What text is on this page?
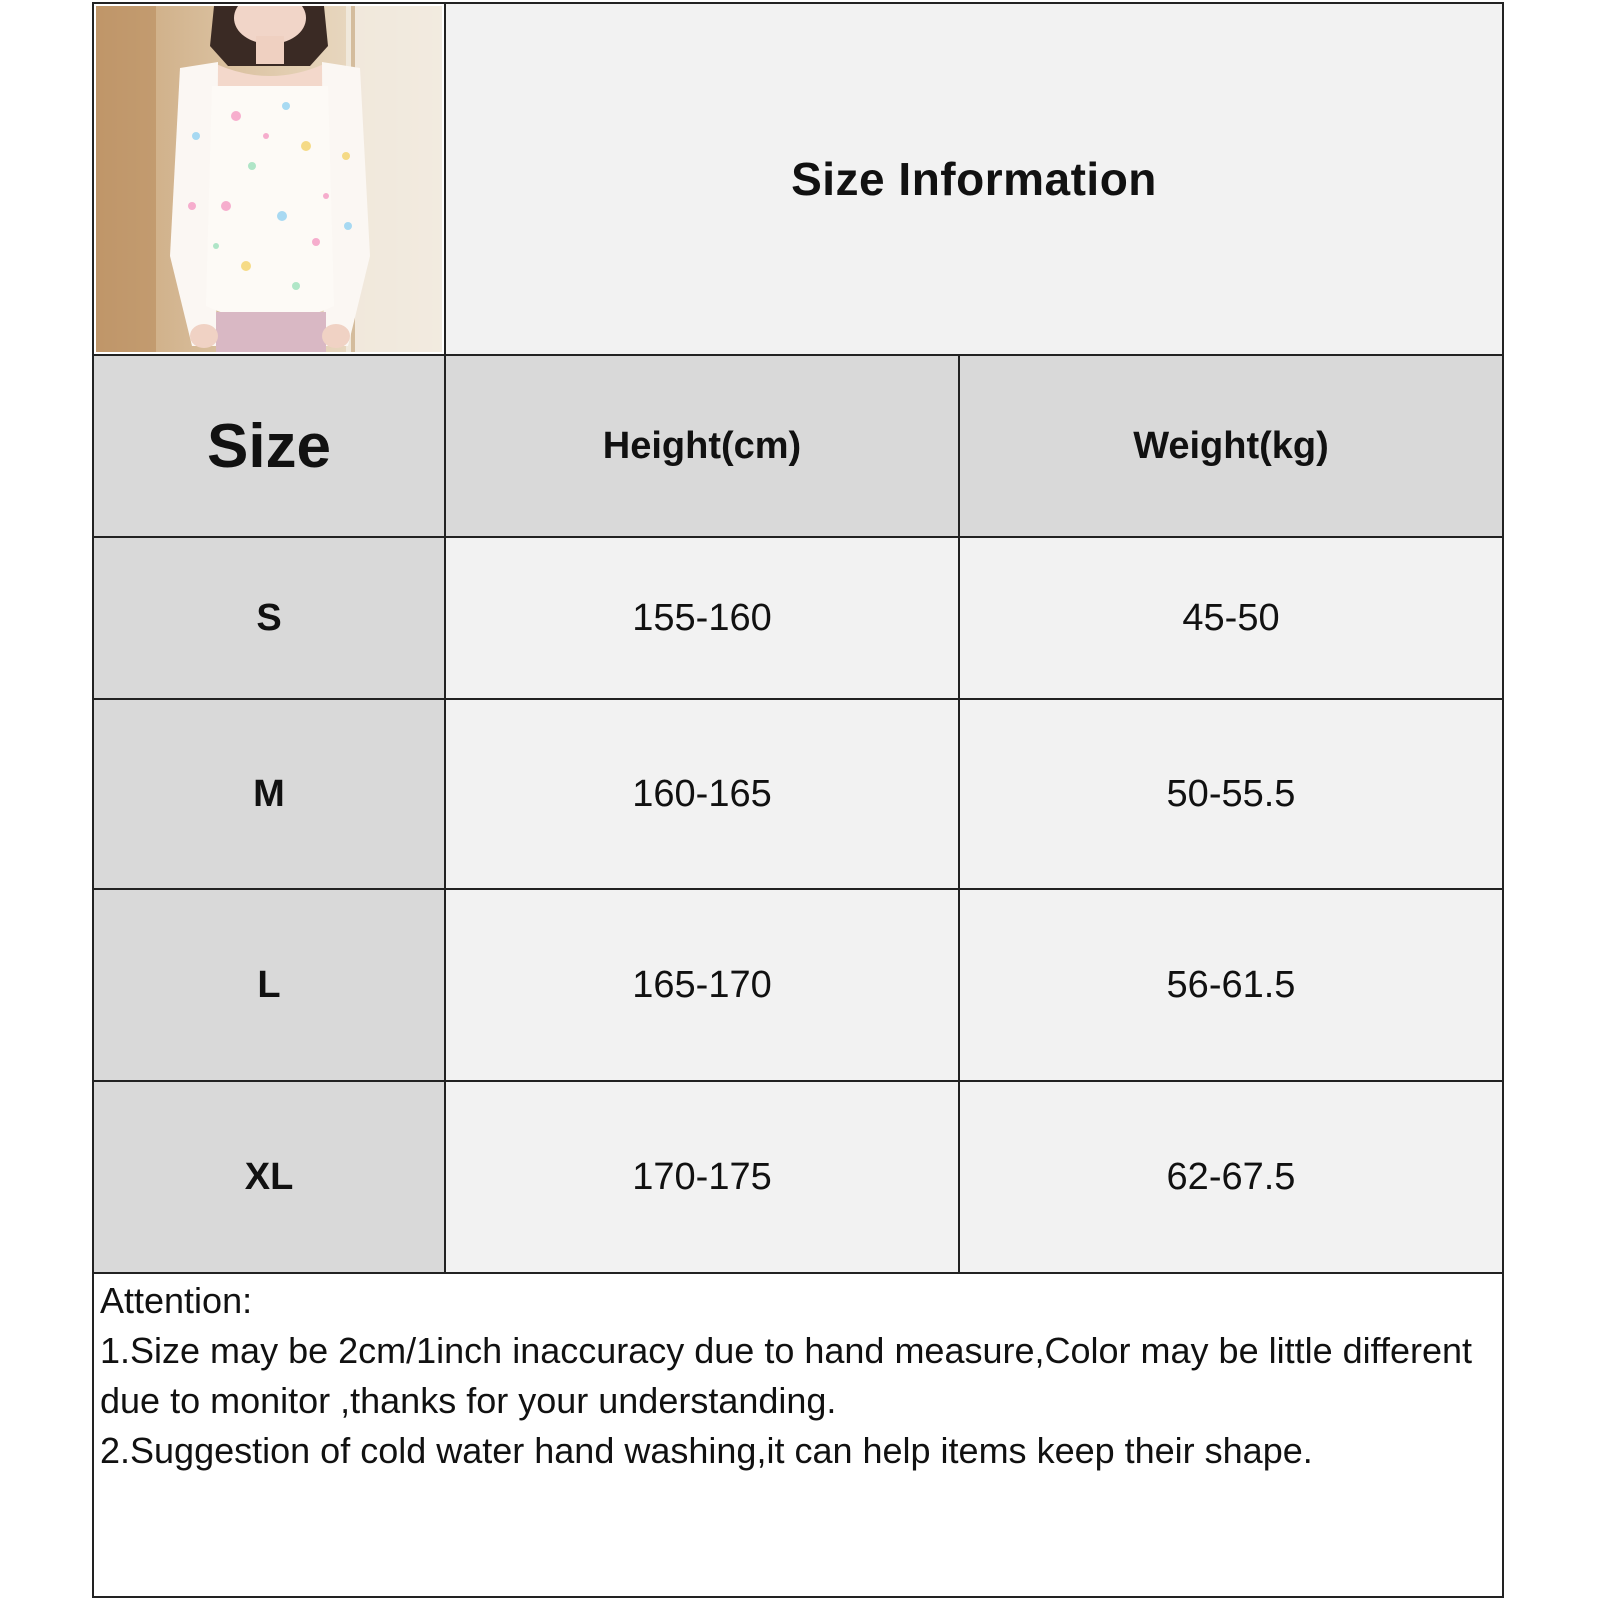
Size Information
Size	Height(cm)	Weight(kg)
S	155-160	45-50
M	160-165	50-55.5
L	165-170	56-61.5
XL	170-175	62-67.5
Attention:
1.Size may be 2cm/1inch inaccuracy due to hand measure,Color may be little different due to monitor ,thanks for your understanding.
2.Suggestion of cold water hand washing,it can help items keep their shape.
